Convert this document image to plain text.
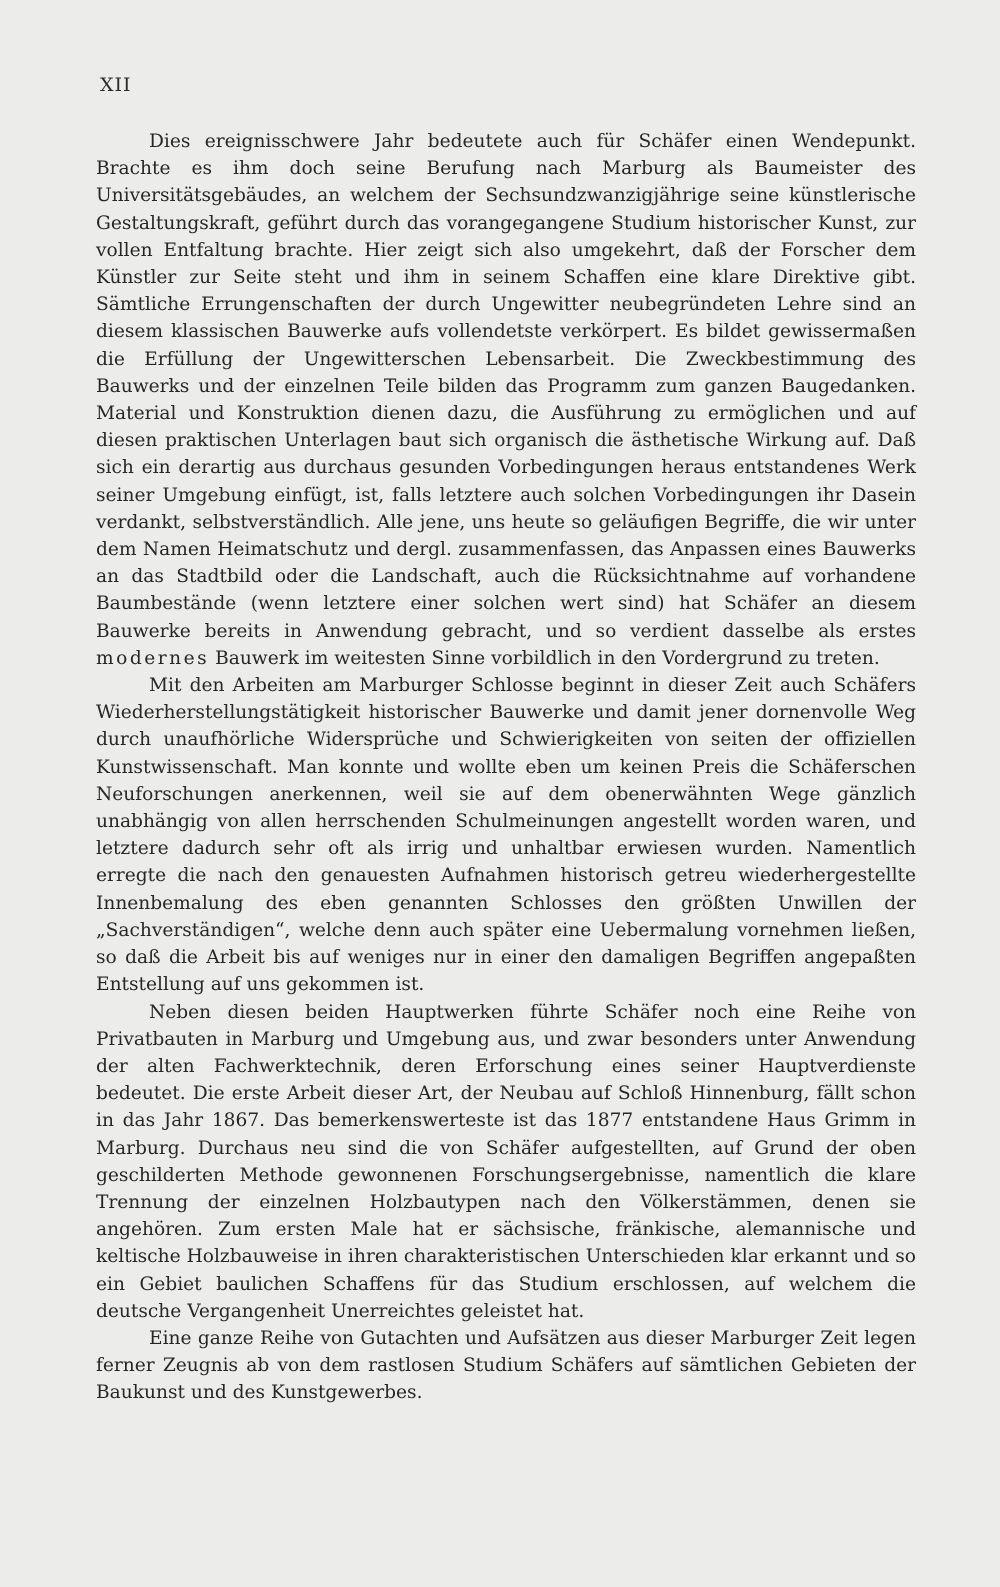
XII

Dies ereignisschwere Jahr bedeutete auch für Schäfer einen Wendepunkt. Brachte es ihm doch seine Berufung nach Marburg als Baumeister des Universitätsgebäudes, an welchem der Sechsundzwanzigjährige seine künstlerische Gestaltungskraft, geführt durch das vorangegangene Studium historischer Kunst, zur vollen Entfaltung brachte. Hier zeigt sich also umgekehrt, daß der Forscher dem Künstler zur Seite steht und ihm in seinem Schaffen eine klare Direktive gibt. Sämtliche Errungenschaften der durch Ungewitter neubegründeten Lehre sind an diesem klassischen Bauwerke aufs vollendetste verkörpert. Es bildet gewissermaßen die Erfüllung der Ungewitterschen Lebensarbeit. Die Zweckbestimmung des Bauwerks und der einzelnen Teile bilden das Programm zum ganzen Baugedanken. Material und Konstruktion dienen dazu, die Ausführung zu ermöglichen und auf diesen praktischen Unterlagen baut sich organisch die ästhetische Wirkung auf. Daß sich ein derartig aus durchaus gesunden Vorbedingungen heraus entstandenes Werk seiner Umgebung einfügt, ist, falls letztere auch solchen Vorbedingungen ihr Dasein verdankt, selbstverständlich. Alle jene, uns heute so geläufigen Begriffe, die wir unter dem Namen Heimatschutz und dergl. zusammenfassen, das Anpassen eines Bauwerks an das Stadtbild oder die Landschaft, auch die Rücksichtnahme auf vorhandene Baumbestände (wenn letztere einer solchen wert sind) hat Schäfer an diesem Bauwerke bereits in Anwendung gebracht, und so verdient dasselbe als erstes modernes Bauwerk im weitesten Sinne vorbildlich in den Vordergrund zu treten.

Mit den Arbeiten am Marburger Schlosse beginnt in dieser Zeit auch Schäfers Wiederherstellungstätigkeit historischer Bauwerke und damit jener dornenvolle Weg durch unaufhörliche Widersprüche und Schwierigkeiten von seiten der offiziellen Kunstwissenschaft. Man konnte und wollte eben um keinen Preis die Schäferschen Neuforschungen anerkennen, weil sie auf dem obenerwähnten Wege gänzlich unabhängig von allen herrschenden Schulmeinungen angestellt worden waren, und letztere dadurch sehr oft als irrig und unhaltbar erwiesen wurden. Namentlich erregte die nach den genauesten Aufnahmen historisch getreu wiederhergestellte Innenbemalung des eben genannten Schlosses den größten Unwillen der „Sachverständigen“, welche denn auch später eine Uebermalung vornehmen ließen, so daß die Arbeit bis auf weniges nur in einer den damaligen Begriffen angepaßten Entstellung auf uns gekommen ist.

Neben diesen beiden Hauptwerken führte Schäfer noch eine Reihe von Privatbauten in Marburg und Umgebung aus, und zwar besonders unter Anwendung der alten Fachwerktechnik, deren Erforschung eines seiner Hauptverdienste bedeutet. Die erste Arbeit dieser Art, der Neubau auf Schloß Hinnenburg, fällt schon in das Jahr 1867. Das bemerkenswerteste ist das 1877 entstandene Haus Grimm in Marburg. Durchaus neu sind die von Schäfer aufgestellten, auf Grund der oben geschilderten Methode gewonnenen Forschungsergebnisse, namentlich die klare Trennung der einzelnen Holzbautypen nach den Völkerstämmen, denen sie angehören. Zum ersten Male hat er sächsische, fränkische, alemannische und keltische Holzbauweise in ihren charakteristischen Unterschieden klar erkannt und so ein Gebiet baulichen Schaffens für das Studium erschlossen, auf welchem die deutsche Vergangenheit Unerreichtes geleistet hat.

Eine ganze Reihe von Gutachten und Aufsätzen aus dieser Marburger Zeit legen ferner Zeugnis ab von dem rastlosen Studium Schäfers auf sämtlichen Gebieten der Baukunst und des Kunstgewerbes.
